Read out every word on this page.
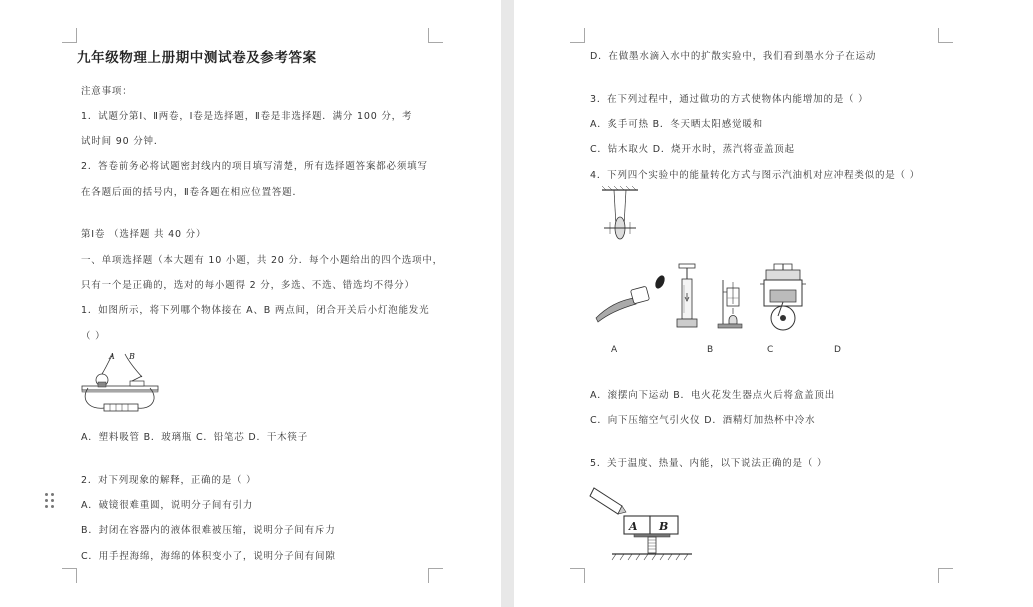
九年级物理上册期中测试卷及参考答案
注意事项：
1．试题分第Ⅰ、Ⅱ两卷，Ⅰ卷是选择题，Ⅱ卷是非选择题．满分 100 分，考
试时间 90 分钟．
2．答卷前务必将试题密封线内的项目填写清楚，所有选择题答案都必须填写
在各题后面的括号内，Ⅱ卷各题在相应位置答题．
第Ⅰ卷 （选择题 共 40 分）
一、单项选择题（本大题有 10 小题，共 20 分．每个小题给出的四个选项中，
只有一个是正确的，选对的每小题得 2 分，多选、不选、错选均不得分）
1．如图所示，将下列哪个物体接在 A、B 两点间，闭合开关后小灯泡能发光
（ ）
A B
A．塑料吸管 B．玻璃瓶 C．铅笔芯 D．干木筷子
2．对下列现象的解释，正确的是（ ）
A．破镜很难重圆，说明分子间有引力
B．封闭在容器内的液体很难被压缩，说明分子间有斥力
C．用手捏海绵，海绵的体积变小了，说明分子间有间隙
D．在做墨水滴入水中的扩散实验中，我们看到墨水分子在运动
3．在下列过程中，通过做功的方式使物体内能增加的是（ ）
A．炙手可热 B．冬天晒太阳感觉暖和
C．钻木取火 D．烧开水时，蒸汽将壶盖顶起
4．下列四个实验中的能量转化方式与图示汽油机对应冲程类似的是（ ）
A	B	C	D
A．滚摆向下运动 B．电火花发生器点火后将盒盖顶出
C．向下压缩空气引火仪 D．酒精灯加热杯中冷水
5．关于温度、热量、内能，以下说法正确的是（ ）
A B
